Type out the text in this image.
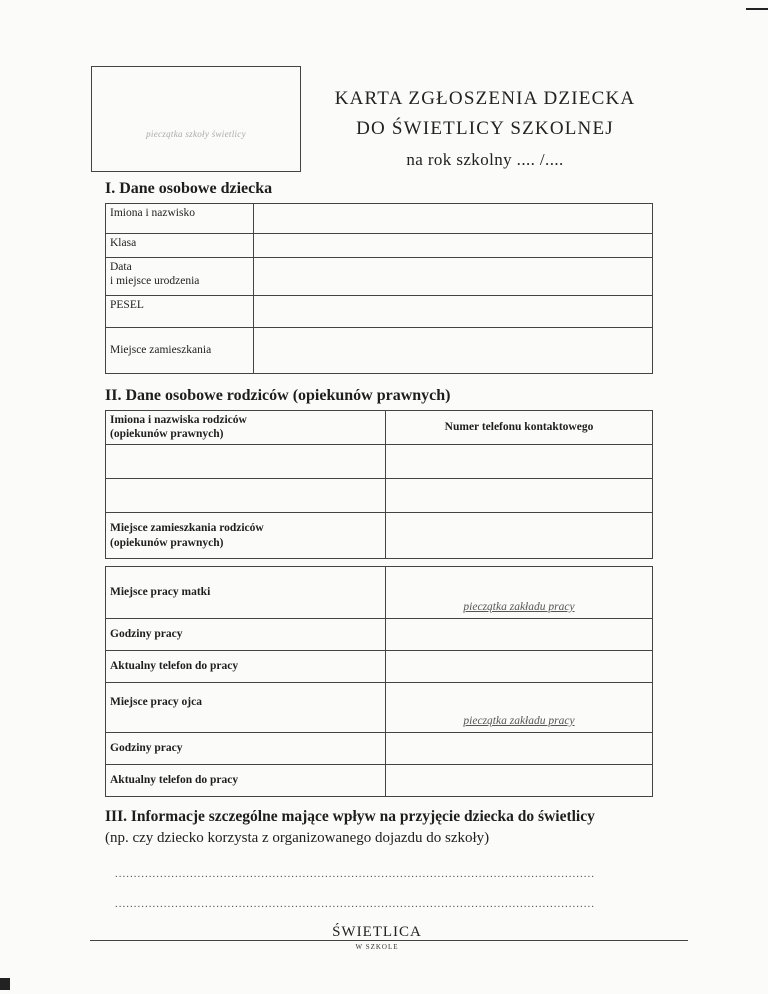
pieczątka szkoły świetlicy
KARTA ZGŁOSZENIA DZIECKA
DO ŚWIETLICY SZKOLNEJ
na rok szkolny .... /....
I. Dane osobowe dziecka
Imiona i nazwisko	
Klasa	
Data
i miejsce urodzenia	
PESEL	
Miejsce zamieszkania	
II. Dane osobowe rodziców (opiekunów prawnych)
Imiona i nazwiska rodziców
(opiekunów prawnych)	Numer telefonu kontaktowego

Miejsce zamieszkania rodziców
(opiekunów prawnych)	
Miejsce pracy matki	pieczątka zakładu pracy

Godziny pracy	
Aktualny telefon do pracy	
Miejsce pracy ojca	pieczątka zakładu pracy

Godziny pracy	
Aktualny telefon do pracy	
III. Informacje szczególne mające wpływ na przyjęcie dziecka do świetlicy
(np. czy dziecko korzysta z organizowanego dojazdu do szkoły)
................................................................................................................................
................................................................................................................................
ŚWIETLICA
W SZKOLE
